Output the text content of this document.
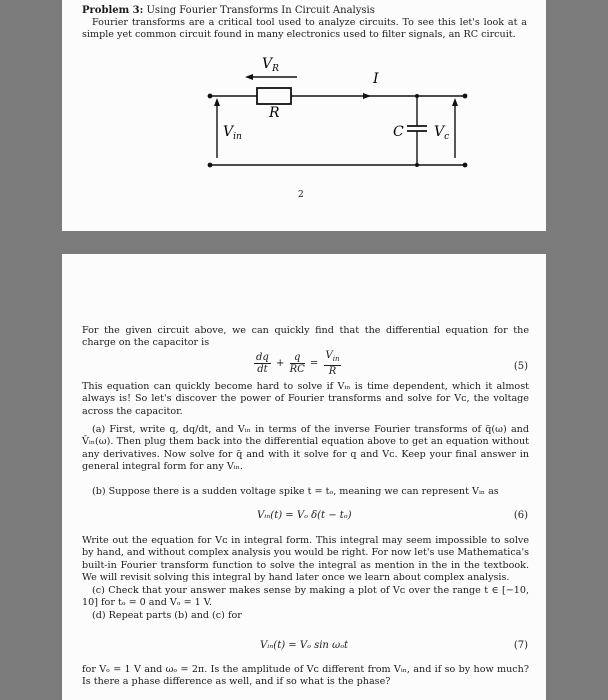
Problem 3: Using Fourier Transforms In Circuit Analysis
Fourier transforms are a critical tool used to analyze circuits. To see this let's look at a simple yet common circuit found in many electronics used to filter signals, an RC circuit.
$V_R$
I
R
$V_{in}$	C $V_c$
2
For the given circuit above, we can quickly find that the differential equation for the charge on the capacitor is
$\frac{dq}{dt} + \frac{q}{RC} = \frac{V_{in}}{R}$	(5)
This equation can quickly become hard to solve if Vᵢₙ is time dependent, which it almost always is! So let's discover the power of Fourier transforms and solve for Vᴄ, the voltage across the capacitor.
(a) First, write q, dq/dt, and Vᵢₙ in terms of the inverse Fourier transforms of q̃(ω) and Ṽᵢₙ(ω). Then plug them back into the differential equation above to get an equation without any derivatives. Now solve for q̃ and with it solve for q and Vᴄ. Keep your final answer in general integral form for any Vᵢₙ.
(b) Suppose there is a sudden voltage spike t = tₒ, meaning we can represent Vᵢₙ as
Vᵢₙ(t) = Vₒ δ(t − tₒ)	(6)
Write out the equation for Vᴄ in integral form. This integral may seem impossible to solve by hand, and without complex analysis you would be right. For now let's use Mathematica's built-in Fourier transform function to solve the integral as mention in the in the textbook. We will revisit solving this integral by hand later once we learn about complex analysis.
(c) Check that your answer makes sense by making a plot of Vᴄ over the range t ∈ [−10, 10] for tₒ = 0 and Vₒ = 1 V.
(d) Repeat parts (b) and (c) for
Vᵢₙ(t) = Vₒ sin ωₒt	(7)
for Vₒ = 1 V and ωₒ = 2π. Is the amplitude of Vᴄ different from Vᵢₙ, and if so by how much? Is there a phase difference as well, and if so what is the phase?
